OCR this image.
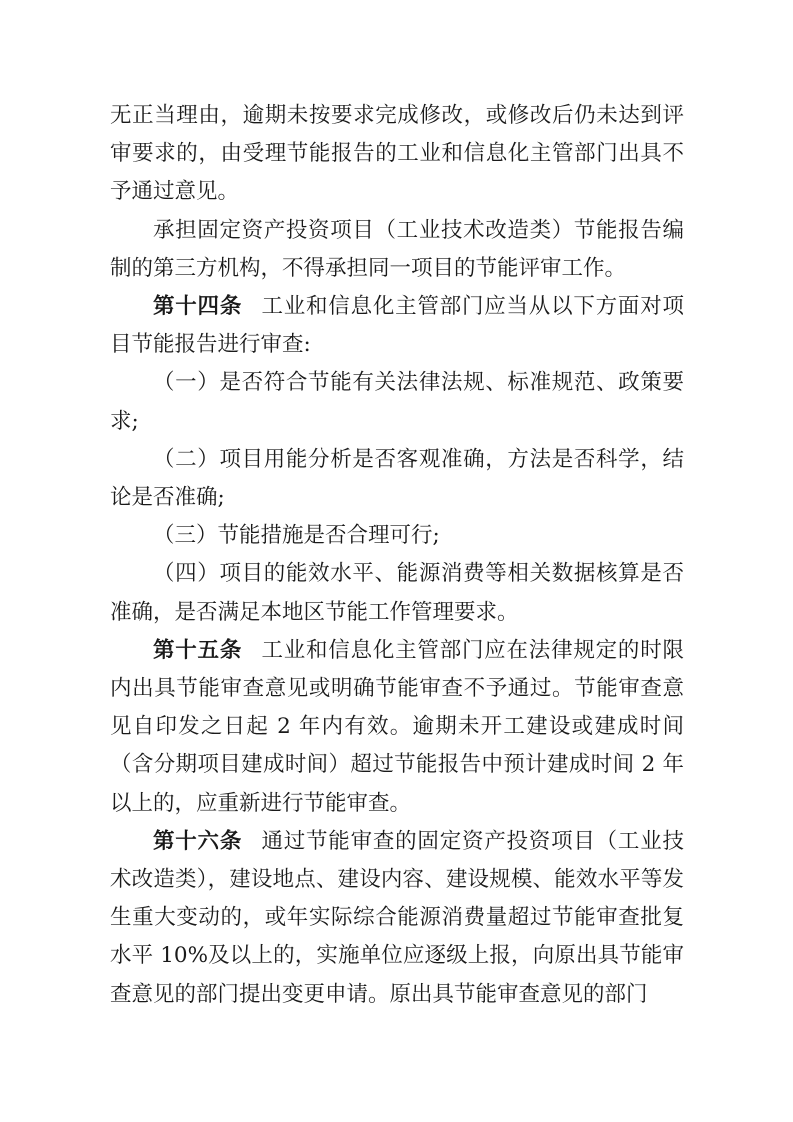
无正当理由，逾期未按要求完成修改，或修改后仍未达到评审要求的，由受理节能报告的工业和信息化主管部门出具不予通过意见。

承担固定资产投资项目（工业技术改造类）节能报告编制的第三方机构，不得承担同一项目的节能评审工作。

第十四条 工业和信息化主管部门应当从以下方面对项目节能报告进行审查:

（一）是否符合节能有关法律法规、标准规范、政策要求;

（二）项目用能分析是否客观准确，方法是否科学，结论是否准确;

（三）节能措施是否合理可行;

（四）项目的能效水平、能源消费等相关数据核算是否准确，是否满足本地区节能工作管理要求。

第十五条 工业和信息化主管部门应在法律规定的时限内出具节能审查意见或明确节能审查不予通过。节能审查意见自印发之日起 2 年内有效。逾期未开工建设或建成时间（含分期项目建成时间）超过节能报告中预计建成时间 2 年以上的，应重新进行节能审查。

第十六条 通过节能审查的固定资产投资项目（工业技术改造类），建设地点、建设内容、建设规模、能效水平等发生重大变动的，或年实际综合能源消费量超过节能审查批复水平 10%及以上的，实施单位应逐级上报，向原出具节能审查意见的部门提出变更申请。原出具节能审查意见的部门
